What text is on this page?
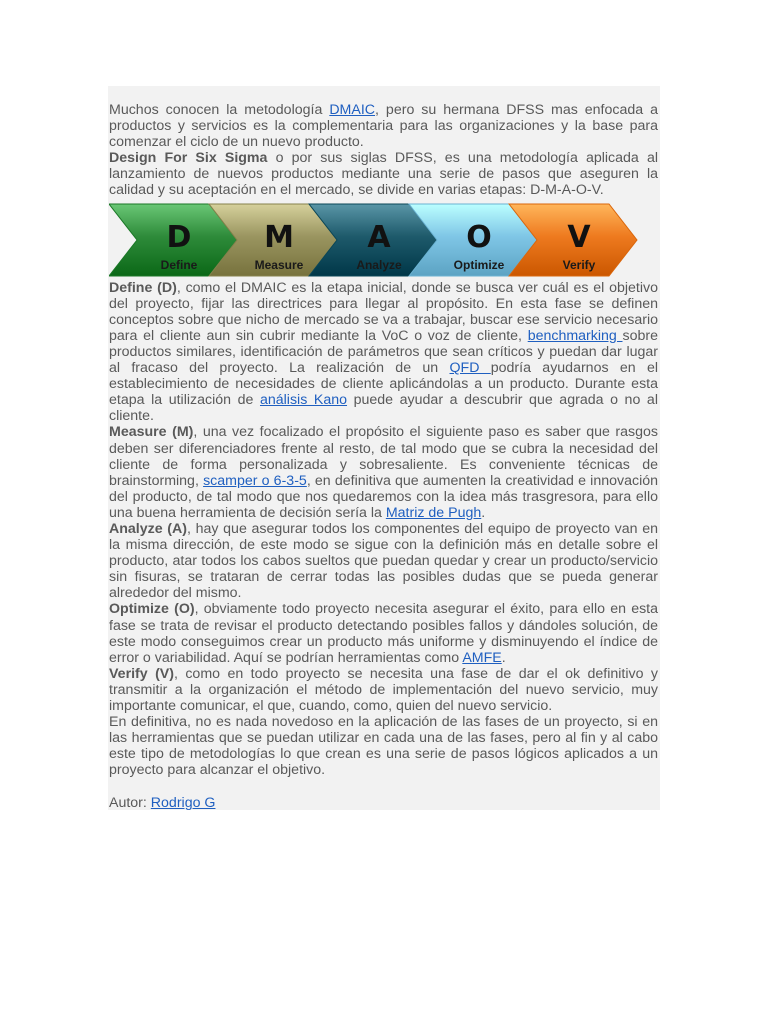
Muchos conocen la metodología DMAIC, pero su hermana DFSS mas enfocada a productos y servicios es la complementaria para las organizaciones y la base para comenzar el ciclo de un nuevo producto.

Design For Six Sigma o por sus siglas DFSS, es una metodología aplicada al lanzamiento de nuevos productos mediante una serie de pasos que aseguren la calidad y su aceptación en el mercado, se divide en varias etapas: D-M-A-O-V.

D
Define
M
Measure
A
Analyze
O
Optimize
V
Verify

Define (D), como el DMAIC es la etapa inicial, donde se busca ver cuál es el objetivo del proyecto, fijar las directrices para llegar al propósito. En esta fase se definen conceptos sobre que nicho de mercado se va a trabajar, buscar ese servicio necesario para el cliente aun sin cubrir mediante la VoC o voz de cliente, benchmarking sobre productos similares, identificación de parámetros que sean críticos y puedan dar lugar al fracaso del proyecto. La realización de un QFD podría ayudarnos en el establecimiento de necesidades de cliente aplicándolas a un producto. Durante esta etapa la utilización de análisis Kano puede ayudar a descubrir que agrada o no al cliente.

Measure (M), una vez focalizado el propósito el siguiente paso es saber que rasgos deben ser diferenciadores frente al resto, de tal modo que se cubra la necesidad del cliente de forma personalizada y sobresaliente. Es conveniente técnicas de brainstorming, scamper o 6-3-5, en definitiva que aumenten la creatividad e innovación del producto, de tal modo que nos quedaremos con la idea más trasgresora, para ello una buena herramienta de decisión sería la Matriz de Pugh.

Analyze (A), hay que asegurar todos los componentes del equipo de proyecto van en la misma dirección, de este modo se sigue con la definición más en detalle sobre el producto, atar todos los cabos sueltos que puedan quedar y crear un producto/servicio sin fisuras, se trataran de cerrar todas las posibles dudas que se pueda generar alrededor del mismo.

Optimize (O), obviamente todo proyecto necesita asegurar el éxito, para ello en esta fase se trata de revisar el producto detectando posibles fallos y dándoles solución, de este modo conseguimos crear un producto más uniforme y disminuyendo el índice de error o variabilidad. Aquí se podrían herramientas como AMFE.

Verify (V), como en todo proyecto se necesita una fase de dar el ok definitivo y transmitir a la organización el método de implementación del nuevo servicio, muy importante comunicar, el que, cuando, como, quien del nuevo servicio.

En definitiva, no es nada novedoso en la aplicación de las fases de un proyecto, si en las herramientas que se puedan utilizar en cada una de las fases, pero al fin y al cabo este tipo de metodologías lo que crean es una serie de pasos lógicos aplicados a un proyecto para alcanzar el objetivo.

Autor: Rodrigo G
